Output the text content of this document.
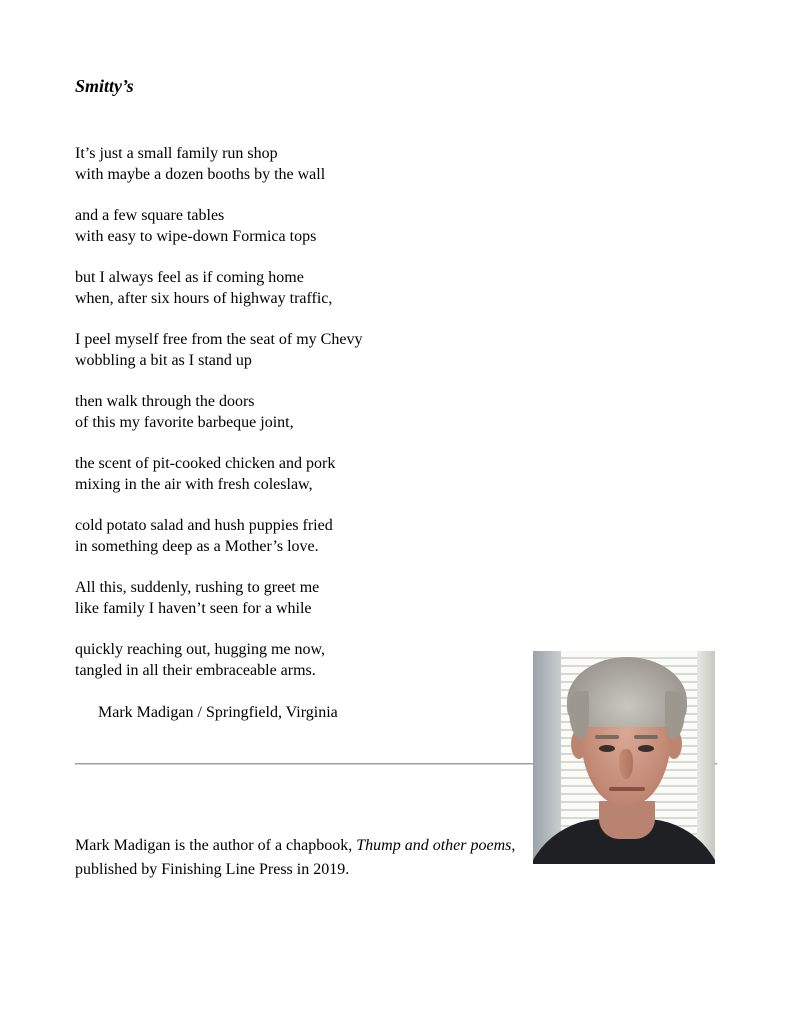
Smitty’s
It’s just a small family run shop
with maybe a dozen booths by the wall
and a few square tables
with easy to wipe-down Formica tops
but I always feel as if coming home
when, after six hours of highway traffic,
I peel myself free from the seat of my Chevy
wobbling a bit as I stand up
then walk through the doors
of this my favorite barbeque joint,
the scent of pit-cooked chicken and pork
mixing in the air with fresh coleslaw,
cold potato salad and hush puppies fried
in something deep as a Mother’s love.
All this, suddenly, rushing to greet me
like family I haven’t seen for a while
quickly reaching out, hugging me now,
tangled in all their embraceable arms.
Mark Madigan / Springfield, Virginia

Mark Madigan is the author of a chapbook, Thump and other poems, published by Finishing Line Press in 2019.
